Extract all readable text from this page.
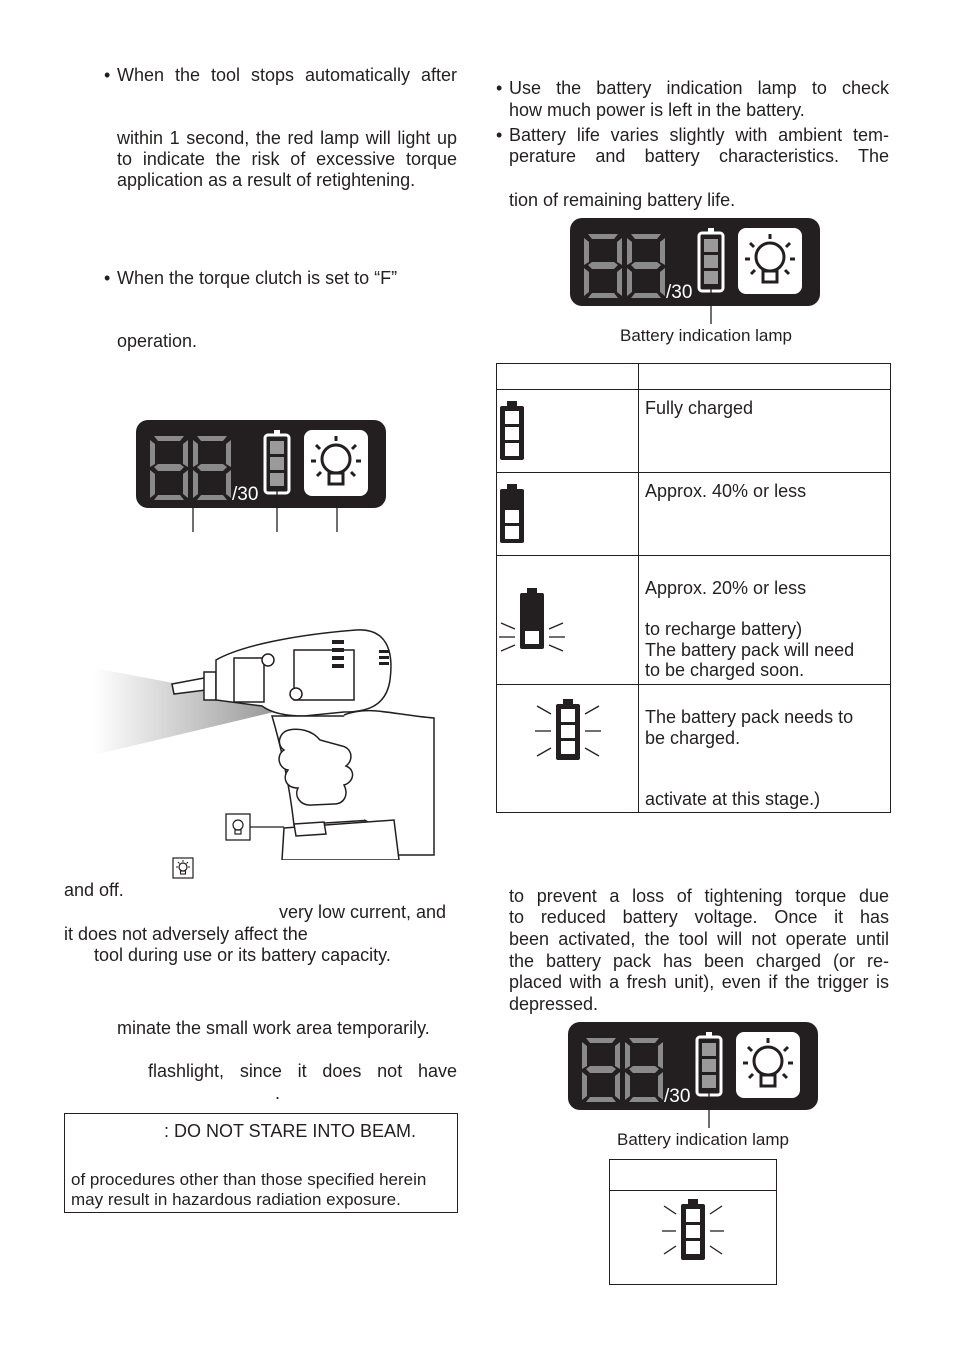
• When the tool stops automatically after
within 1 second, the red lamp will light up
to indicate the risk of excessive torque
application as a result of retightening.
• When the torque clutch is set to “F”
operation.
/30
and off.
very low current, and
it does not adversely affect the
tool during use or its battery capacity.
minate the small work area temporarily.
flashlight, since it does not have
.
: DO NOT STARE INTO BEAM.
of procedures other than those specified herein
may result in hazardous radiation exposure.
• Use the battery indication lamp to check
how much power is left in the battery.
• Battery life varies slightly with ambient tem-
perature and battery characteristics. The
tion of remaining battery life.
/30
Battery indication lamp

Fully charged

Approx. 40% or less

Approx. 20% or less
to recharge battery)
The battery pack will need
to be charged soon.

The battery pack needs to
be charged.
activate at this stage.)
to prevent a loss of tightening torque due
to reduced battery voltage. Once it has
been activated, the tool will not operate until
the battery pack has been charged (or re-
placed with a fresh unit), even if the trigger is
depressed.
/30
Battery indication lamp
